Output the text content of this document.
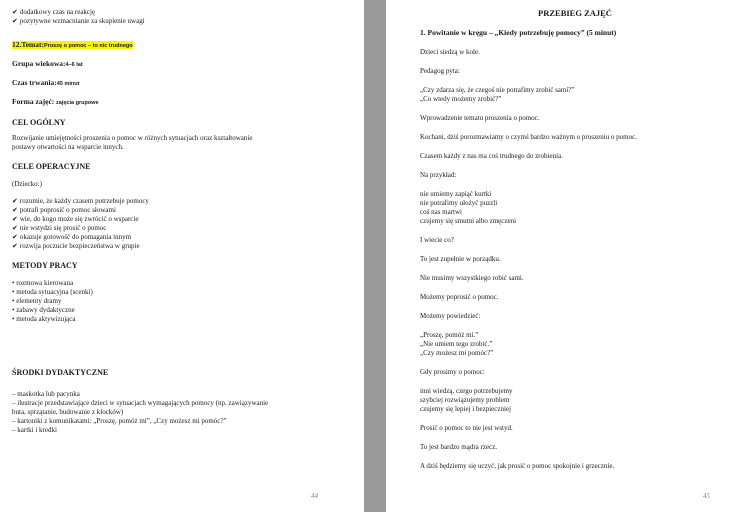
✔ dodatkowy czas na reakcję
✔ pozytywne wzmacnianie za skupienie uwagi
12.Temat:Proszę o pomoc – to nic trudnego
Grupa wiekowa:4–6 lat
Czas trwania:45 minut
Forma zajęć: zajęcia grupowe
CEL OGÓLNY
Rozwijanie umiejętności proszenia o pomoc w różnych sytuacjach oraz kształtowanie
postawy otwartości na wsparcie innych.
CELE OPERACYJNE
(Dziecko:)
✔ rozumie, że każdy czasem potrzebuje pomocy
✔ potrafi poprosić o pomoc słowami
✔ wie, do kogo może się zwrócić o wsparcie
✔ nie wstydzi się prosić o pomoc
✔ okazuje gotowość do pomagania innym
✔ rozwija poczucie bezpieczeństwa w grupie
METODY PRACY
• rozmowa kierowana
• metoda sytuacyjna (scenki)
• elementy dramy
• zabawy dydaktyczne
• metoda aktywizująca
ŚRODKI DYDAKTYCZNE
– maskotka lub pacynka
– ilustracje przedstawiające dzieci w sytuacjach wymagających pomocy (np. zawiązywanie
buta, sprzątanie, budowanie z klocków)
– kartoniki z komunikatami: „Proszę, pomóż mi”, „Czy możesz mi pomóc?”
– kartki i kredki
44
PRZEBIEG ZAJĘĆ
1. Powitanie w kręgu – „Kiedy potrzebuję pomocy” (5 minut)
Dzieci siedzą w kole.
Pedagog pyta:
„Czy zdarza się, że czegoś nie potrafimy zrobić sami?”
„Co wtedy możemy zrobić?”
Wprowadzenie tematu proszenia o pomoc.
Kochani, dziś porozmawiamy o czymś bardzo ważnym o proszeniu o pomoc.
Czasem każdy z nas ma coś trudnego do zrobienia.
Na przykład:
nie umiemy zapiąć kurtki
nie potrafimy ułożyć puzzli
coś nas martwi
czujemy się smutni albo zmęczeni
I wiecie co?
To jest zupełnie w porządku.
Nie musimy wszystkiego robić sami.
Możemy poprosić o pomoc.
Możemy powiedzieć:
„Proszę, pomóż mi.”
„Nie umiem tego zrobić.”
„Czy możesz mi pomóc?”
Gdy prosimy o pomoc:
inni wiedzą, czego potrzebujemy
szybciej rozwiązujemy problem
czujemy się lepiej i bezpieczniej
Prosić o pomoc to nie jest wstyd.
To jest bardzo mądra rzecz.
A dziś będziemy się uczyć, jak prosić o pomoc spokojnie i grzecznie.
45
